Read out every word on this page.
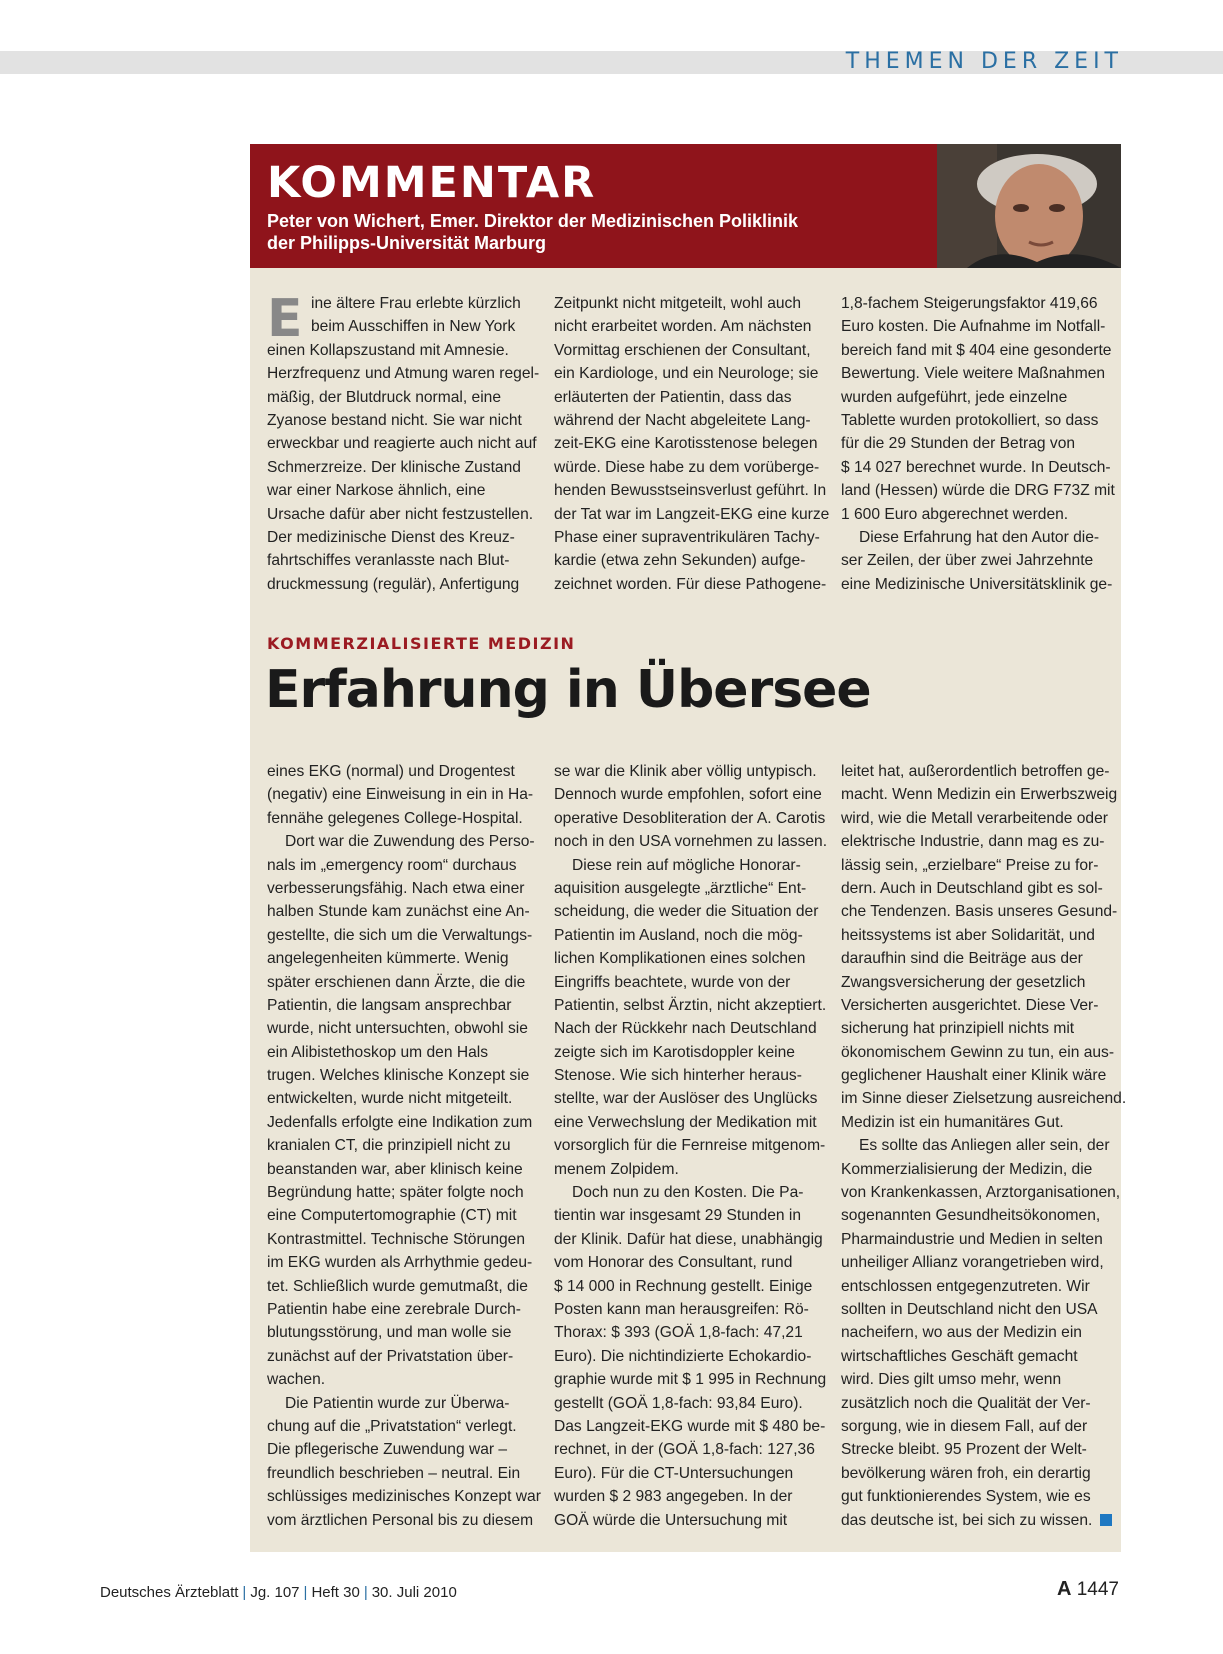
THEMEN DER ZEIT
KOMMENTAR
Peter von Wichert, Emer. Direktor der Medizinischen Poliklinik
der Philipps-Universität Marburg
E ine ältere Frau erlebte kürzlich
beim Ausschiffen in New York
einen Kollapszustand mit Amnesie.
Herzfrequenz und Atmung waren regel-
mäßig, der Blutdruck normal, eine
Zyanose bestand nicht. Sie war nicht
erweckbar und reagierte auch nicht auf
Schmerzreize. Der klinische Zustand
war einer Narkose ähnlich, eine
Ursache dafür aber nicht festzustellen.
Der medizinische Dienst des Kreuz-
fahrtschiffes veranlasste nach Blut-
druckmessung (regulär), Anfertigung
Zeitpunkt nicht mitgeteilt, wohl auch
nicht erarbeitet worden. Am nächsten
Vormittag erschienen der Consultant,
ein Kardiologe, und ein Neurologe; sie
erläuterten der Patientin, dass das
während der Nacht abgeleitete Lang-
zeit-EKG eine Karotisstenose belegen
würde. Diese habe zu dem vorüberge-
henden Bewusstseinsverlust geführt. In
der Tat war im Langzeit-EKG eine kurze
Phase einer supraventrikulären Tachy-
kardie (etwa zehn Sekunden) aufge-
zeichnet worden. Für diese Pathogene-
1,8-fachem Steigerungsfaktor 419,66
Euro kosten. Die Aufnahme im Notfall-
bereich fand mit $ 404 eine gesonderte
Bewertung. Viele weitere Maßnahmen
wurden aufgeführt, jede einzelne
Tablette wurden protokolliert, so dass
für die 29 Stunden der Betrag von
$ 14 027 berechnet wurde. In Deutsch-
land (Hessen) würde die DRG F73Z mit
1 600 Euro abgerechnet werden.
Diese Erfahrung hat den Autor die-
ser Zeilen, der über zwei Jahrzehnte
eine Medizinische Universitätsklinik ge-
KOMMERZIALISIERTE MEDIZIN
Erfahrung in Übersee
eines EKG (normal) und Drogentest
(negativ) eine Einweisung in ein in Ha-
fennähe gelegenes College-Hospital.
Dort war die Zuwendung des Perso-
nals im „emergency room“ durchaus
verbesserungsfähig. Nach etwa einer
halben Stunde kam zunächst eine An-
gestellte, die sich um die Verwaltungs-
angelegenheiten kümmerte. Wenig
später erschienen dann Ärzte, die die
Patientin, die langsam ansprechbar
wurde, nicht untersuchten, obwohl sie
ein Alibistethoskop um den Hals
trugen. Welches klinische Konzept sie
entwickelten, wurde nicht mitgeteilt.
Jedenfalls erfolgte eine Indikation zum
kranialen CT, die prinzipiell nicht zu
beanstanden war, aber klinisch keine
Begründung hatte; später folgte noch
eine Computertomographie (CT) mit
Kontrastmittel. Technische Störungen
im EKG wurden als Arrhythmie gedeu-
tet. Schließlich wurde gemutmaßt, die
Patientin habe eine zerebrale Durch-
blutungsstörung, und man wolle sie
zunächst auf der Privatstation über-
wachen.
Die Patientin wurde zur Überwa-
chung auf die „Privatstation“ verlegt.
Die pflegerische Zuwendung war –
freundlich beschrieben – neutral. Ein
schlüssiges medizinisches Konzept war
vom ärztlichen Personal bis zu diesem
se war die Klinik aber völlig untypisch.
Dennoch wurde empfohlen, sofort eine
operative Desobliteration der A. Carotis
noch in den USA vornehmen zu lassen.
Diese rein auf mögliche Honorar-
aquisition ausgelegte „ärztliche“ Ent-
scheidung, die weder die Situation der
Patientin im Ausland, noch die mög-
lichen Komplikationen eines solchen
Eingriffs beachtete, wurde von der
Patientin, selbst Ärztin, nicht akzeptiert.
Nach der Rückkehr nach Deutschland
zeigte sich im Karotisdoppler keine
Stenose. Wie sich hinterher heraus-
stellte, war der Auslöser des Unglücks
eine Verwechslung der Medikation mit
vorsorglich für die Fernreise mitgenom-
menem Zolpidem.
Doch nun zu den Kosten. Die Pa-
tientin war insgesamt 29 Stunden in
der Klinik. Dafür hat diese, unabhängig
vom Honorar des Consultant, rund
$ 14 000 in Rechnung gestellt. Einige
Posten kann man herausgreifen: Rö-
Thorax: $ 393 (GOÄ 1,8-fach: 47,21
Euro). Die nichtindizierte Echokardio-
graphie wurde mit $ 1 995 in Rechnung
gestellt (GOÄ 1,8-fach: 93,84 Euro).
Das Langzeit-EKG wurde mit $ 480 be-
rechnet, in der (GOÄ 1,8-fach: 127,36
Euro). Für die CT-Untersuchungen
wurden $ 2 983 angegeben. In der
GOÄ würde die Untersuchung mit
leitet hat, außerordentlich betroffen ge-
macht. Wenn Medizin ein Erwerbszweig
wird, wie die Metall verarbeitende oder
elektrische Industrie, dann mag es zu-
lässig sein, „erzielbare“ Preise zu for-
dern. Auch in Deutschland gibt es sol-
che Tendenzen. Basis unseres Gesund-
heitssystems ist aber Solidarität, und
daraufhin sind die Beiträge aus der
Zwangsversicherung der gesetzlich
Versicherten ausgerichtet. Diese Ver-
sicherung hat prinzipiell nichts mit
ökonomischem Gewinn zu tun, ein aus-
geglichener Haushalt einer Klinik wäre
im Sinne dieser Zielsetzung ausreichend.
Medizin ist ein humanitäres Gut.
Es sollte das Anliegen aller sein, der
Kommerzialisierung der Medizin, die
von Krankenkassen, Arztorganisationen,
sogenannten Gesundheitsökonomen,
Pharmaindustrie und Medien in selten
unheiliger Allianz vorangetrieben wird,
entschlossen entgegenzutreten. Wir
sollten in Deutschland nicht den USA
nacheifern, wo aus der Medizin ein
wirtschaftliches Geschäft gemacht
wird. Dies gilt umso mehr, wenn
zusätzlich noch die Qualität der Ver-
sorgung, wie in diesem Fall, auf der
Strecke bleibt. 95 Prozent der Welt-
bevölkerung wären froh, ein derartig
gut funktionierendes System, wie es
das deutsche ist, bei sich zu wissen.
Deutsches Ärzteblatt | Jg. 107 | Heft 30 | 30. Juli 2010	A 1447
